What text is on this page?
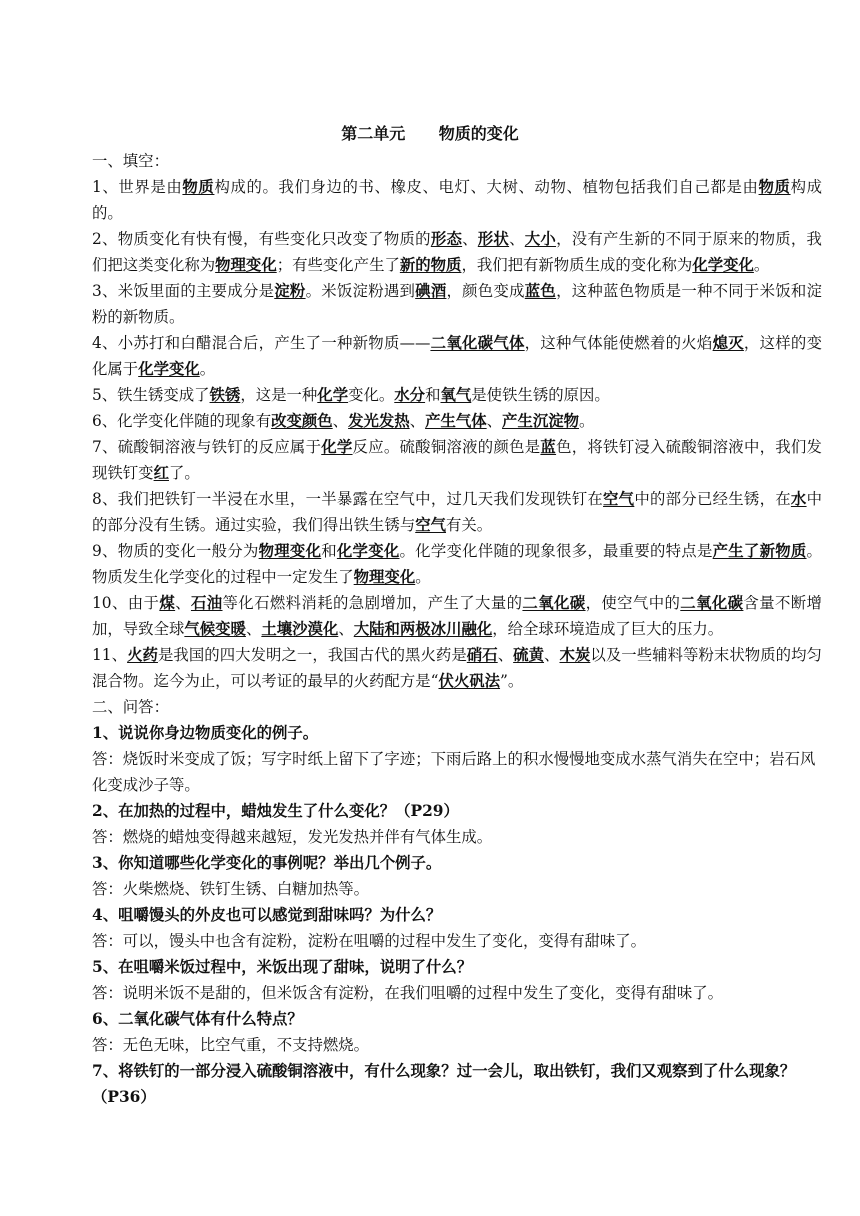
第二单元      物质的变化

一、填空：

1、世界是由物质构成的。我们身边的书、橡皮、电灯、大树、动物、植物包括我们自己都是由物质构成的。

2、物质变化有快有慢，有些变化只改变了物质的形态、形状、大小，没有产生新的不同于原来的物质，我们把这类变化称为物理变化；有些变化产生了新的物质，我们把有新物质生成的变化称为化学变化。

3、米饭里面的主要成分是淀粉。米饭淀粉遇到碘酒，颜色变成蓝色，这种蓝色物质是一种不同于米饭和淀粉的新物质。

4、小苏打和白醋混合后，产生了一种新物质——二氧化碳气体，这种气体能使燃着的火焰熄灭，这样的变化属于化学变化。

5、铁生锈变成了铁锈，这是一种化学变化。水分和氧气是使铁生锈的原因。

6、化学变化伴随的现象有改变颜色、发光发热、产生气体、产生沉淀物。

7、硫酸铜溶液与铁钉的反应属于化学反应。硫酸铜溶液的颜色是蓝色，将铁钉浸入硫酸铜溶液中，我们发现铁钉变红了。

8、我们把铁钉一半浸在水里，一半暴露在空气中，过几天我们发现铁钉在空气中的部分已经生锈，在水中的部分没有生锈。通过实验，我们得出铁生锈与空气有关。

9、物质的变化一般分为物理变化和化学变化。化学变化伴随的现象很多，最重要的特点是产生了新物质。物质发生化学变化的过程中一定发生了物理变化。

10、由于煤、石油等化石燃料消耗的急剧增加，产生了大量的二氧化碳，使空气中的二氧化碳含量不断增加，导致全球气候变暖、土壤沙漠化、大陆和两极冰川融化，给全球环境造成了巨大的压力。

11、火药是我国的四大发明之一，我国古代的黑火药是硝石、硫黄、木炭以及一些辅料等粉末状物质的均匀混合物。迄今为止，可以考证的最早的火药配方是“伏火矾法”。

二、问答：

1、说说你身边物质变化的例子。

答：烧饭时米变成了饭；写字时纸上留下了字迹；下雨后路上的积水慢慢地变成水蒸气消失在空中；岩石风化变成沙子等。

2、在加热的过程中，蜡烛发生了什么变化？（P29）

答：燃烧的蜡烛变得越来越短，发光发热并伴有气体生成。

3、你知道哪些化学变化的事例呢？举出几个例子。

答：火柴燃烧、铁钉生锈、白糖加热等。

4、咀嚼馒头的外皮也可以感觉到甜味吗？为什么？

答：可以，馒头中也含有淀粉，淀粉在咀嚼的过程中发生了变化，变得有甜味了。

5、在咀嚼米饭过程中，米饭出现了甜味，说明了什么？

答：说明米饭不是甜的，但米饭含有淀粉，在我们咀嚼的过程中发生了变化，变得有甜味了。

6、二氧化碳气体有什么特点？

答：无色无味，比空气重，不支持燃烧。

7、将铁钉的一部分浸入硫酸铜溶液中，有什么现象？过一会儿，取出铁钉，我们又观察到了什么现象？（P36）
